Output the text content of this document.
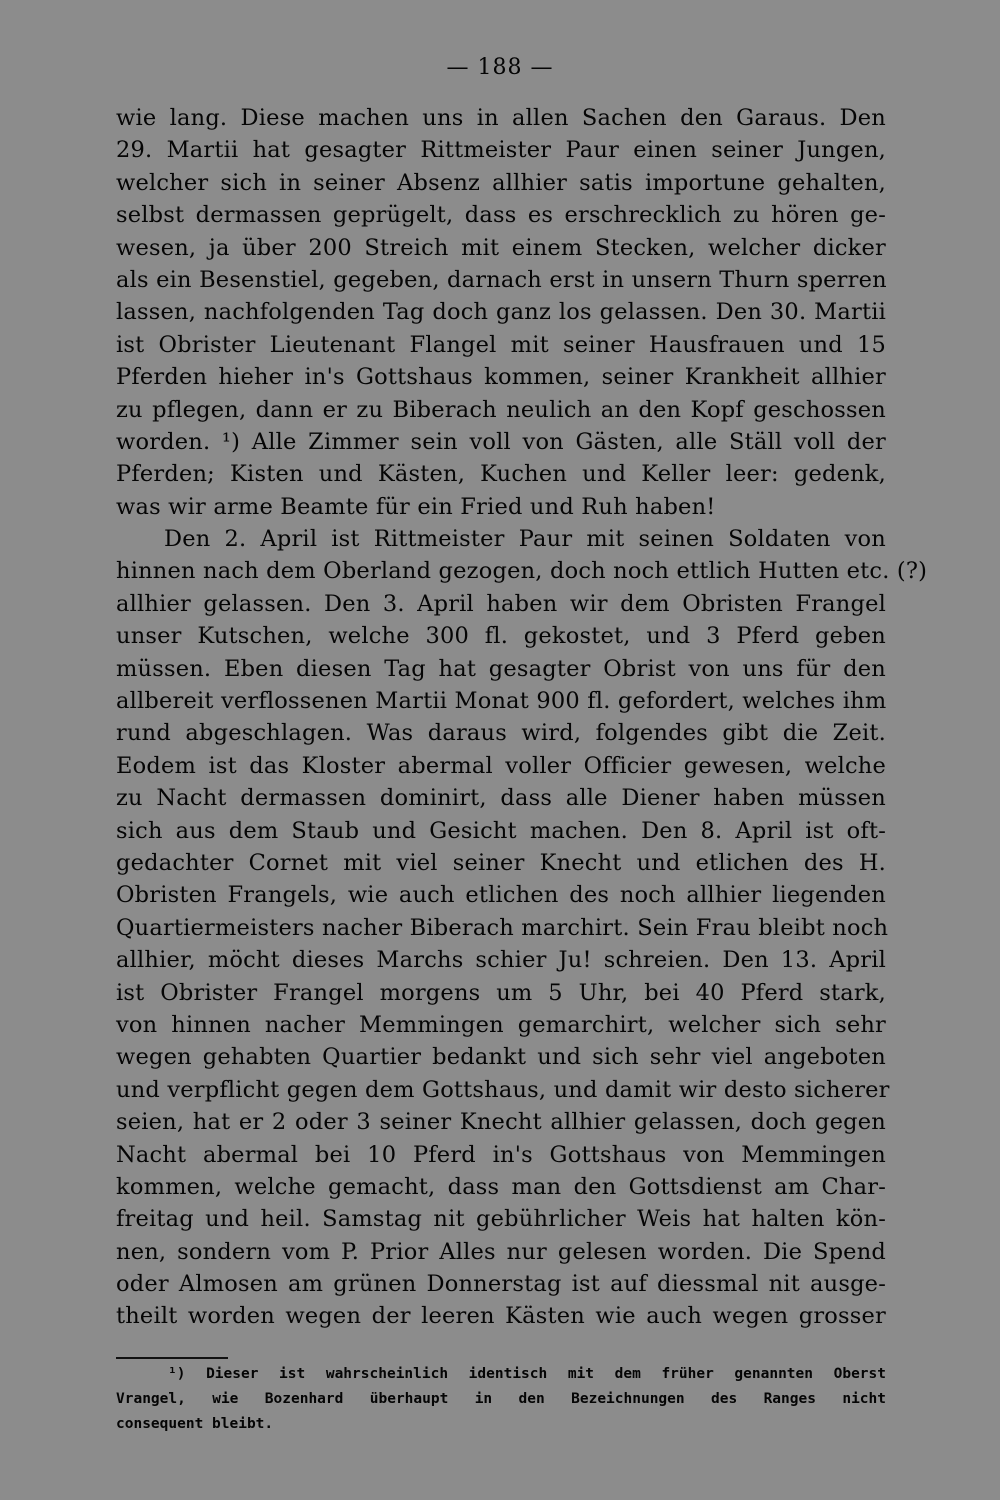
— 188 —
wie lang. Diese machen uns in allen Sachen den Garaus. Den
29. Martii hat gesagter Rittmeister Paur einen seiner Jungen,
welcher sich in seiner Absenz allhier satis importune gehalten,
selbst dermassen geprügelt, dass es erschrecklich zu hören ge-
wesen, ja über 200 Streich mit einem Stecken, welcher dicker
als ein Besenstiel, gegeben, darnach erst in unsern Thurn sperren
lassen, nachfolgenden Tag doch ganz los gelassen. Den 30. Martii
ist Obrister Lieutenant Flangel mit seiner Hausfrauen und 15
Pferden hieher in's Gottshaus kommen, seiner Krankheit allhier
zu pflegen, dann er zu Biberach neulich an den Kopf geschossen
worden. ¹) Alle Zimmer sein voll von Gästen, alle Ställ voll der
Pferden; Kisten und Kästen, Kuchen und Keller leer: gedenk,
was wir arme Beamte für ein Fried und Ruh haben!
Den 2. April ist Rittmeister Paur mit seinen Soldaten von
hinnen nach dem Oberland gezogen, doch noch ettlich Hutten etc. (?)
allhier gelassen. Den 3. April haben wir dem Obristen Frangel
unser Kutschen, welche 300 fl. gekostet, und 3 Pferd geben
müssen. Eben diesen Tag hat gesagter Obrist von uns für den
allbereit verflossenen Martii Monat 900 fl. gefordert, welches ihm
rund abgeschlagen. Was daraus wird, folgendes gibt die Zeit.
Eodem ist das Kloster abermal voller Officier gewesen, welche
zu Nacht dermassen dominirt, dass alle Diener haben müssen
sich aus dem Staub und Gesicht machen. Den 8. April ist oft-
gedachter Cornet mit viel seiner Knecht und etlichen des H.
Obristen Frangels, wie auch etlichen des noch allhier liegenden
Quartiermeisters nacher Biberach marchirt. Sein Frau bleibt noch
allhier, möcht dieses Marchs schier Ju! schreien. Den 13. April
ist Obrister Frangel morgens um 5 Uhr, bei 40 Pferd stark,
von hinnen nacher Memmingen gemarchirt, welcher sich sehr
wegen gehabten Quartier bedankt und sich sehr viel angeboten
und verpflicht gegen dem Gottshaus, und damit wir desto sicherer
seien, hat er 2 oder 3 seiner Knecht allhier gelassen, doch gegen
Nacht abermal bei 10 Pferd in's Gottshaus von Memmingen
kommen, welche gemacht, dass man den Gottsdienst am Char-
freitag und heil. Samstag nit gebührlicher Weis hat halten kön-
nen, sondern vom P. Prior Alles nur gelesen worden. Die Spend
oder Almosen am grünen Donnerstag ist auf diessmal nit ausge-
theilt worden wegen der leeren Kästen wie auch wegen grosser
¹) Dieser ist wahrscheinlich identisch mit dem früher genannten Oberst
Vrangel, wie Bozenhard überhaupt in den Bezeichnungen des Ranges nicht
consequent bleibt.
